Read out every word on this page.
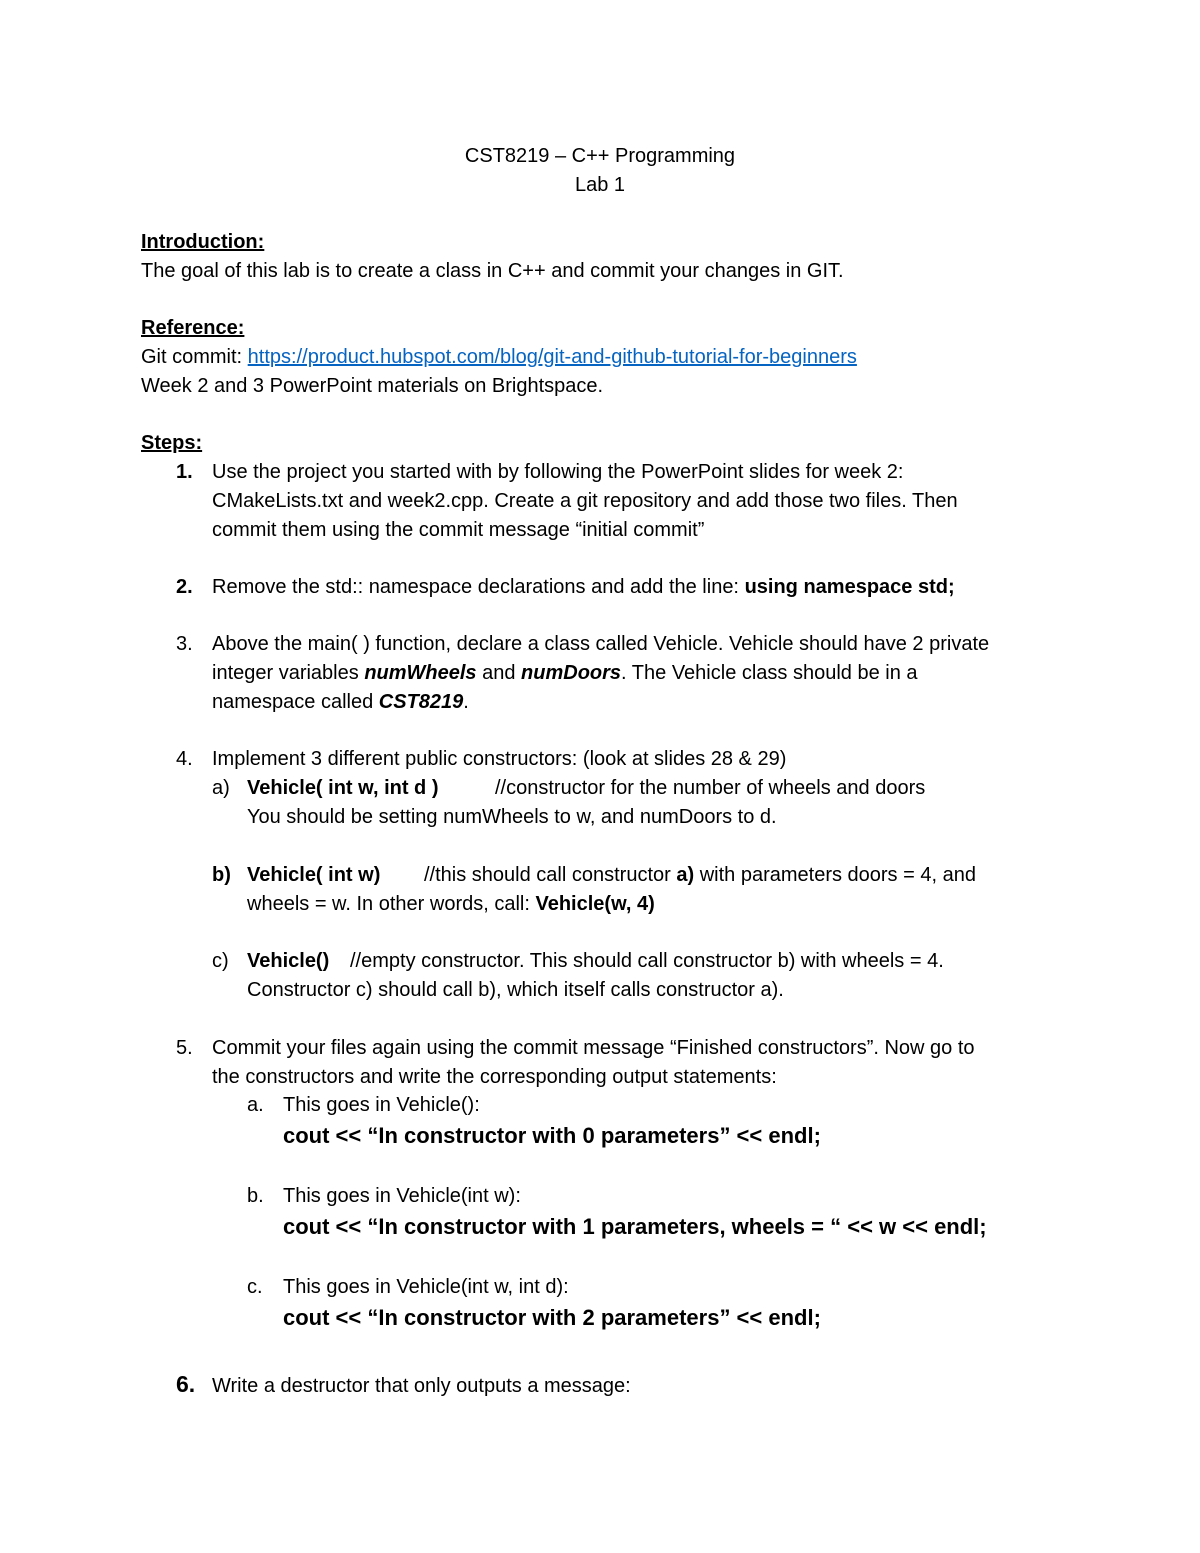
CST8219 – C++ Programming
Lab 1
Introduction:
The goal of this lab is to create a class in C++ and commit your changes in GIT.
Reference:
Git commit: https://product.hubspot.com/blog/git-and-github-tutorial-for-beginners
Week 2 and 3 PowerPoint materials on Brightspace.
Steps:
1. Use the project you started with by following the PowerPoint slides for week 2:
CMakeLists.txt and week2.cpp. Create a git repository and add those two files. Then
commit them using the commit message “initial commit”
2. Remove the std:: namespace declarations and add the line: using namespace std;
3. Above the main( ) function, declare a class called Vehicle. Vehicle should have 2 private
integer variables numWheels and numDoors. The Vehicle class should be in a
namespace called CST8219.
4. Implement 3 different public constructors: (look at slides 28 & 29)
a) Vehicle( int w, int d )	//constructor for the number of wheels and doors
You should be setting numWheels to w, and numDoors to d.
b) Vehicle( int w) //this should call constructor a) with parameters doors = 4, and
wheels = w. In other words, call: Vehicle(w, 4)
c) Vehicle() //empty constructor. This should call constructor b) with wheels = 4.
Constructor c) should call b), which itself calls constructor a).
5. Commit your files again using the commit message “Finished constructors”. Now go to
the constructors and write the corresponding output statements:
a. This goes in Vehicle():
cout << “In constructor with 0 parameters” << endl;
b. This goes in Vehicle(int w):
cout << “In constructor with 1 parameters, wheels = “ << w << endl;
c. This goes in Vehicle(int w, int d):
cout << “In constructor with 2 parameters” << endl;
6. Write a destructor that only outputs a message:
